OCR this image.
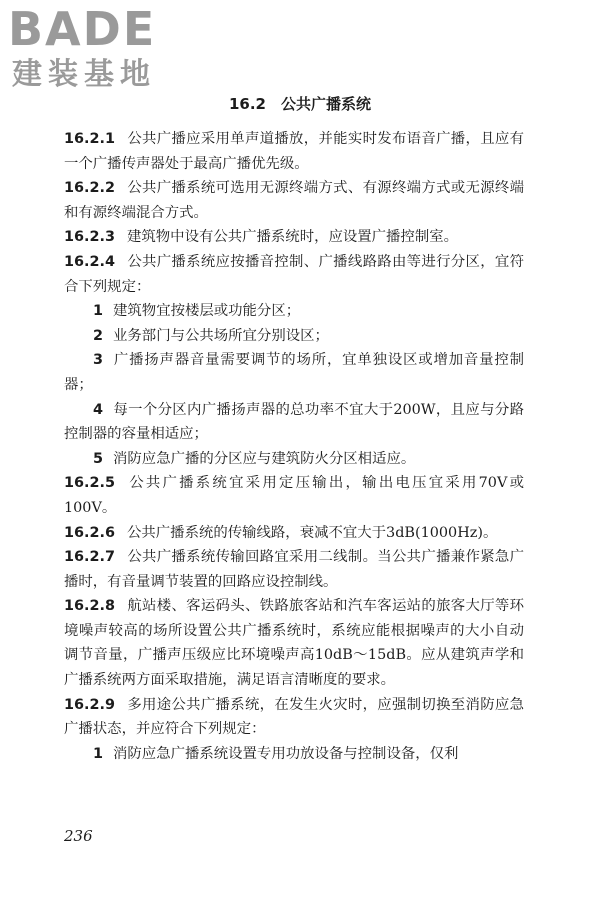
BADE
建装基地
16.2　公共广播系统

16.2.1 公共广播应采用单声道播放，并能实时发布语音广播，且应有一个广播传声器处于最高广播优先级。

16.2.2 公共广播系统可选用无源终端方式、有源终端方式或无源终端和有源终端混合方式。

16.2.3 建筑物中设有公共广播系统时，应设置广播控制室。

16.2.4 公共广播系统应按播音控制、广播线路路由等进行分区，宜符合下列规定：

1 建筑物宜按楼层或功能分区；

2 业务部门与公共场所宜分别设区；

3 广播扬声器音量需要调节的场所，宜单独设区或增加音量控制器；

4 每一个分区内广播扬声器的总功率不宜大于200W，且应与分路控制器的容量相适应；

5 消防应急广播的分区应与建筑防火分区相适应。

16.2.5 公共广播系统宜采用定压输出，输出电压宜采用70V或100V。

16.2.6 公共广播系统的传输线路，衰减不宜大于3dB(1000Hz)。

16.2.7 公共广播系统传输回路宜采用二线制。当公共广播兼作紧急广播时，有音量调节装置的回路应设控制线。

16.2.8 航站楼、客运码头、铁路旅客站和汽车客运站的旅客大厅等环境噪声较高的场所设置公共广播系统时，系统应能根据噪声的大小自动调节音量，广播声压级应比环境噪声高10dB～15dB。应从建筑声学和广播系统两方面采取措施，满足语言清晰度的要求。

16.2.9 多用途公共广播系统，在发生火灾时，应强制切换至消防应急广播状态，并应符合下列规定：

1 消防应急广播系统设置专用功放设备与控制设备，仅利

236
